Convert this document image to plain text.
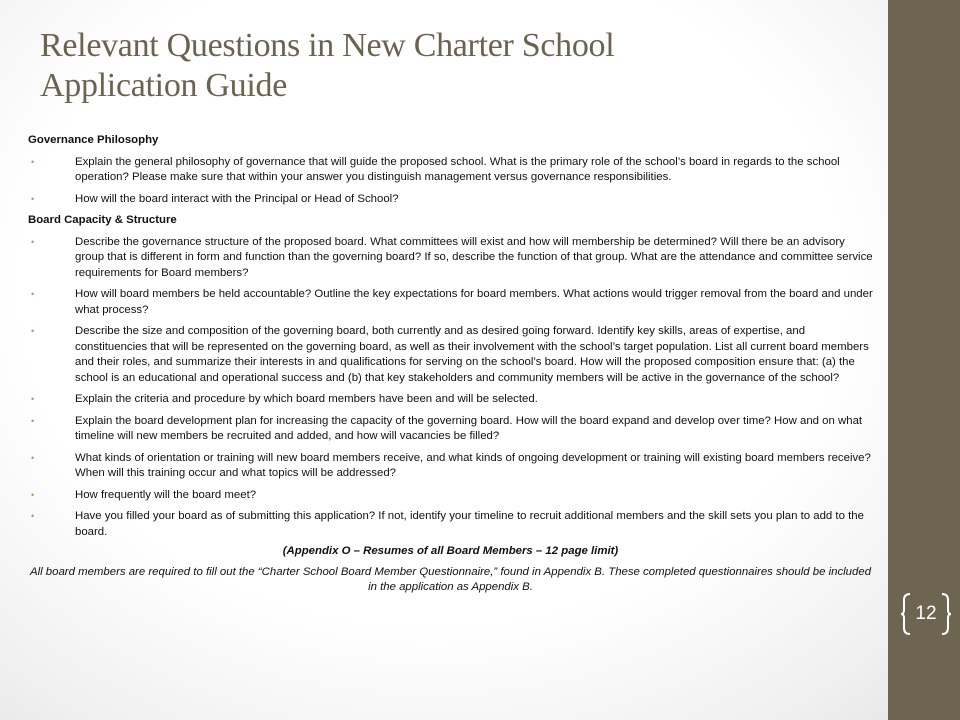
Relevant Questions in New Charter School
Application Guide
Governance Philosophy
•	Explain the general philosophy of governance that will guide the proposed school. What is the primary role of the school’s board in regards to the school operation? Please make sure that within your answer you distinguish management versus governance responsibilities.
•	How will the board interact with the Principal or Head of School?
Board Capacity & Structure
•	Describe the governance structure of the proposed board. What committees will exist and how will membership be determined? Will there be an advisory group that is different in form and function than the governing board? If so, describe the function of that group. What are the attendance and committee service requirements for Board members?
•	How will board members be held accountable? Outline the key expectations for board members. What actions would trigger removal from the board and under what process?
•	Describe the size and composition of the governing board, both currently and as desired going forward. Identify key skills, areas of expertise, and constituencies that will be represented on the governing board, as well as their involvement with the school’s target population. List all current board members and their roles, and summarize their interests in and qualifications for serving on the school’s board. How will the proposed composition ensure that: (a) the school is an educational and operational success and (b) that key stakeholders and community members will be active in the governance of the school?
•	Explain the criteria and procedure by which board members have been and will be selected.
•	Explain the board development plan for increasing the capacity of the governing board. How will the board expand and develop over time? How and on what timeline will new members be recruited and added, and how will vacancies be filled?
•	What kinds of orientation or training will new board members receive, and what kinds of ongoing development or training will existing board members receive? When will this training occur and what topics will be addressed?
•	How frequently will the board meet?
•	Have you filled your board as of submitting this application? If not, identify your timeline to recruit additional members and the skill sets you plan to add to the board.

(Appendix O – Resumes of all Board Members – 12 page limit)

All board members are required to fill out the “Charter School Board Member Questionnaire,” found in Appendix B. These completed questionnaires should be included in the application as Appendix B.

12
